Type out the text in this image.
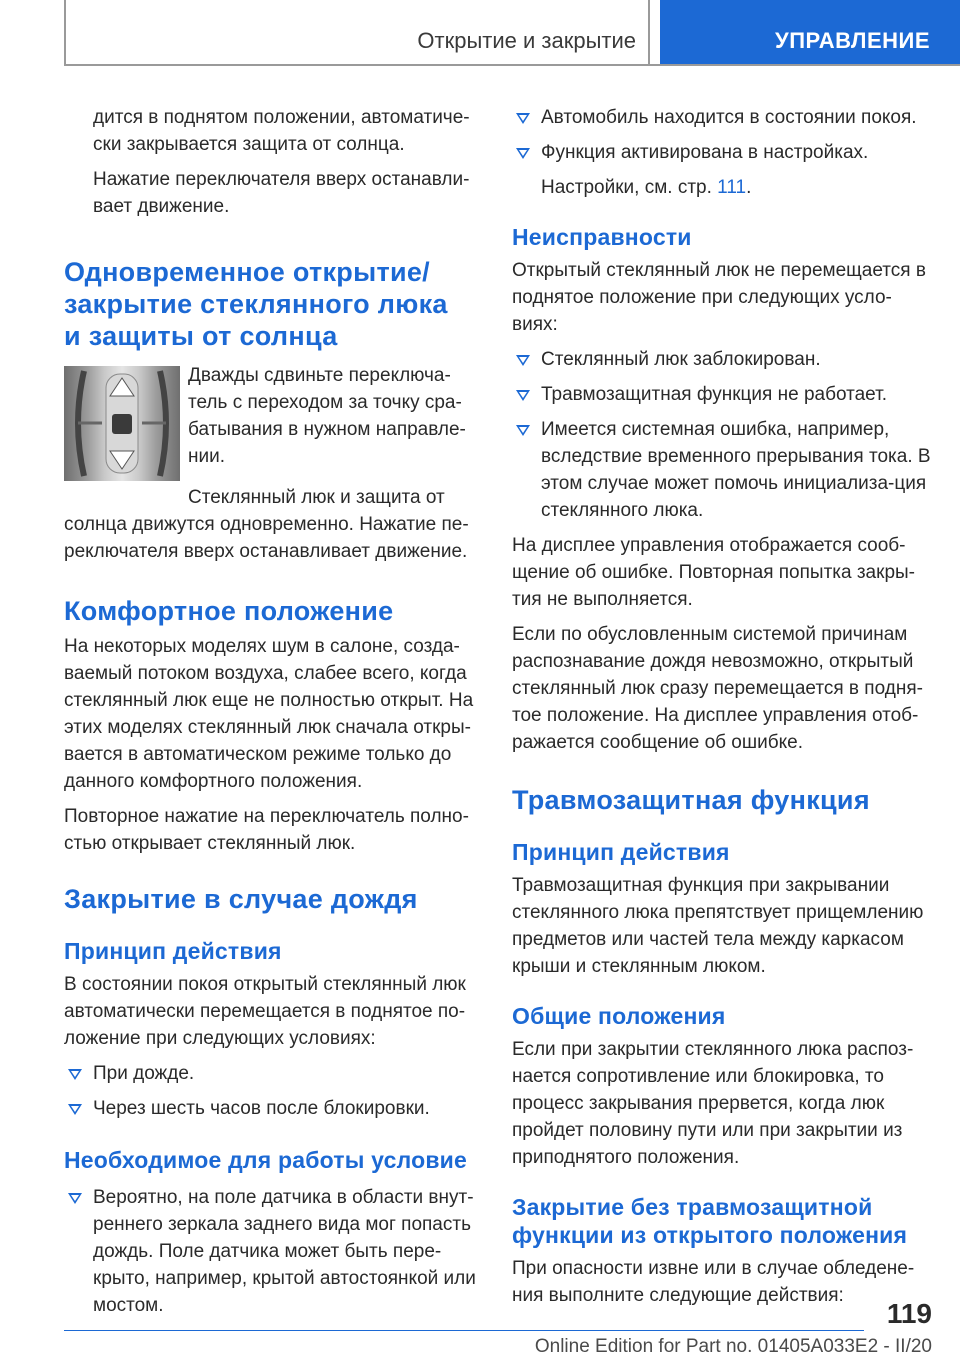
Открытие и закрытие	УПРАВЛЕНИЕ

дится в поднятом положении, автоматиче-ски закрывается защита от солнца.

Нажатие переключателя вверх останавли-вает движение.

Одновременное открытие/закрытие стеклянного люка и защиты от солнца

Дважды сдвиньте переключа-тель с переходом за точку сра-батывания в нужном направле-нии.

Стеклянный люк и защита от

солнца движутся одновременно. Нажатие пе-реключателя вверх останавливает движение.

Комфортное положение

На некоторых моделях шум в салоне, созда-ваемый потоком воздуха, слабее всего, когда стеклянный люк еще не полностью открыт. На этих моделях стеклянный люк сначала откры-вается в автоматическом режиме только до данного комфортного положения.

Повторное нажатие на переключатель полно-стью открывает стеклянный люк.

Закрытие в случае дождя
Принцип действия

В состоянии покоя открытый стеклянный люк автоматически перемещается в поднятое по-ложение при следующих условиях:

При дожде.
Через шесть часов после блокировки.
Необходимое для работы условие
Вероятно, на поле датчика в области внут-реннего зеркала заднего вида мог попасть дождь. Поле датчика может быть пере-крыто, например, крытой автостоянкой или мостом.
Автомобиль находится в состоянии покоя.
Функция активирована в настройках.

Настройки, см. стр. 111.

Неисправности

Открытый стеклянный люк не перемещается в поднятое положение при следующих усло-виях:

Стеклянный люк заблокирован.
Травмозащитная функция не работает.
Имеется системная ошибка, например, вследствие временного прерывания тока. В этом случае может помочь инициализа-ция стеклянного люка.

На дисплее управления отображается сооб-щение об ошибке. Повторная попытка закры-тия не выполняется.

Если по обусловленным системой причинам распознавание дождя невозможно, открытый стеклянный люк сразу перемещается в подня-тое положение. На дисплее управления отоб-ражается сообщение об ошибке.

Травмозащитная функция
Принцип действия

Травмозащитная функция при закрывании стеклянного люка препятствует прищемлению предметов или частей тела между каркасом крыши и стеклянным люком.

Общие положения

Если при закрытии стеклянного люка распоз-нается сопротивление или блокировка, то процесс закрывания прервется, когда люк пройдет половину пути или при закрытии из приподнятого положения.

Закрытие без травмозащитной функции из открытого положения

При опасности извне или в случае обледене-ния выполните следующие действия:

119
Online Edition for Part no. 01405A033E2 - II/20
